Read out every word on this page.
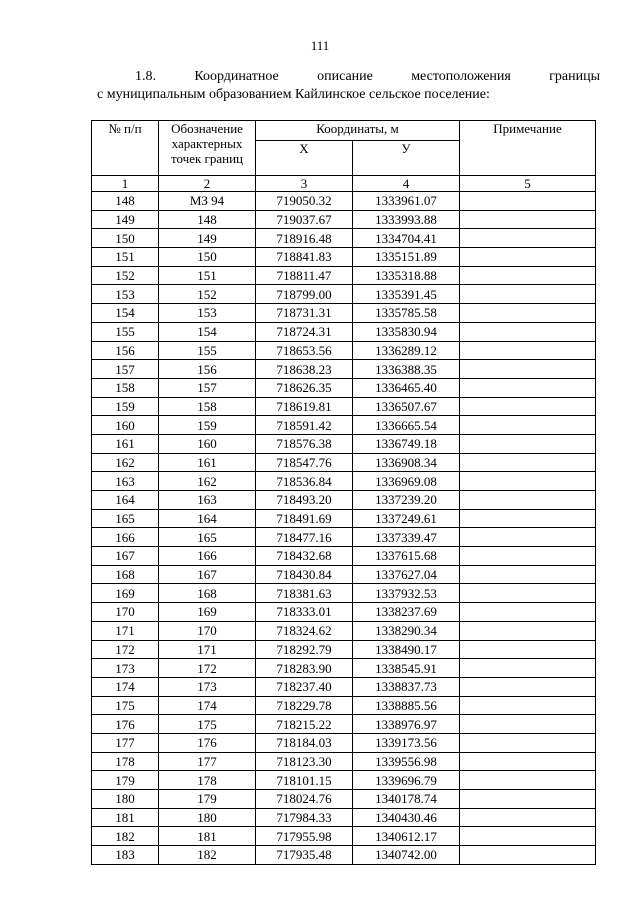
111
1.8.	Координатное	описание	местоположения	границы
с муниципальным образованием Кайлинское сельское поселение:
№ п/п	Обозначение характерных точек границ	Координаты, м		Примечание
		X	У	
1	2	3	4	5
148	МЗ 94	719050.32	1333961.07	
149	148	719037.67	1333993.88	
150	149	718916.48	1334704.41	
151	150	718841.83	1335151.89	
152	151	718811.47	1335318.88	
153	152	718799.00	1335391.45	
154	153	718731.31	1335785.58	
155	154	718724.31	1335830.94	
156	155	718653.56	1336289.12	
157	156	718638.23	1336388.35	
158	157	718626.35	1336465.40	
159	158	718619.81	1336507.67	
160	159	718591.42	1336665.54	
161	160	718576.38	1336749.18	
162	161	718547.76	1336908.34	
163	162	718536.84	1336969.08	
164	163	718493.20	1337239.20	
165	164	718491.69	1337249.61	
166	165	718477.16	1337339.47	
167	166	718432.68	1337615.68	
168	167	718430.84	1337627.04	
169	168	718381.63	1337932.53	
170	169	718333.01	1338237.69	
171	170	718324.62	1338290.34	
172	171	718292.79	1338490.17	
173	172	718283.90	1338545.91	
174	173	718237.40	1338837.73	
175	174	718229.78	1338885.56	
176	175	718215.22	1338976.97	
177	176	718184.03	1339173.56	
178	177	718123.30	1339556.98	
179	178	718101.15	1339696.79	
180	179	718024.76	1340178.74	
181	180	717984.33	1340430.46	
182	181	717955.98	1340612.17	
183	182	717935.48	1340742.00	
